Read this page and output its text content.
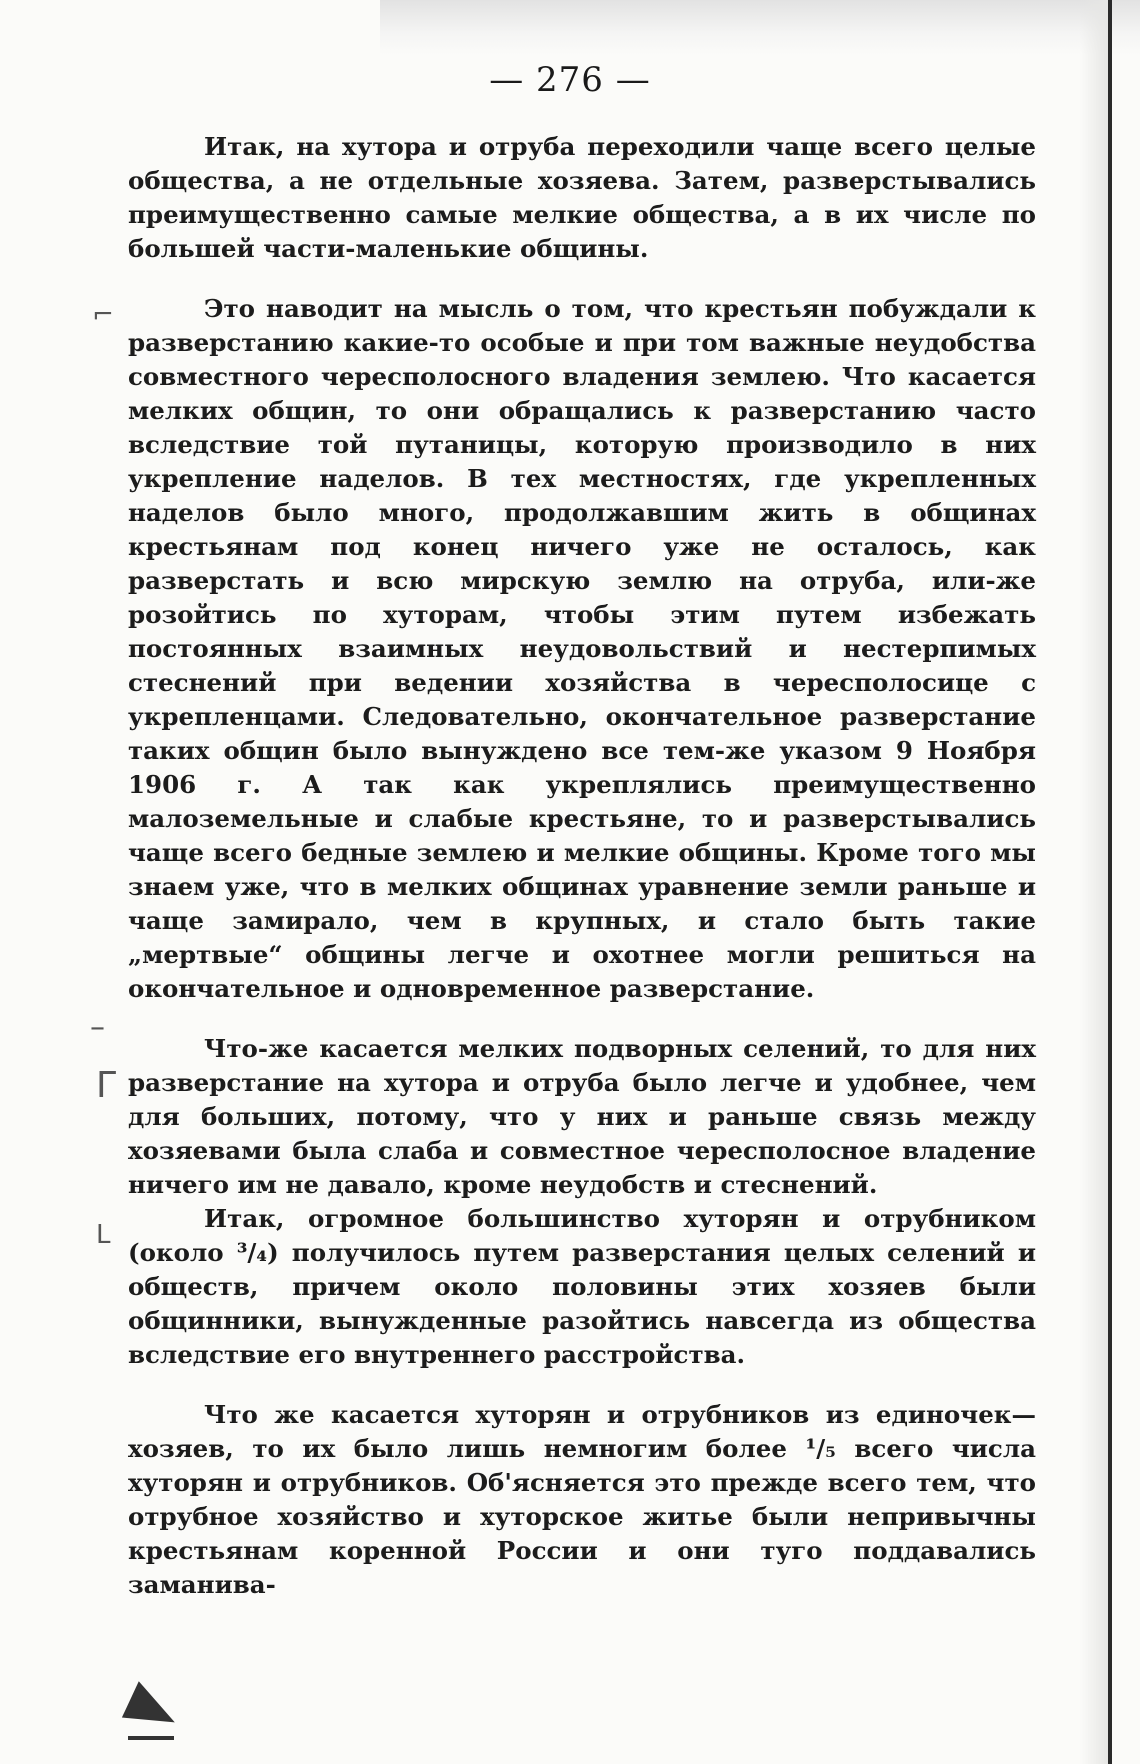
— 276 —
⌐
–
Γ
L

Итак, на хутора и отруба переходили чаще всего целые общества, а не отдельные хозяева. Затем, разверстывались преимущественно самые мелкие общества, а в их числе по большей части-маленькие общины.

Это наводит на мысль о том, что крестьян побуждали к разверстанию какие-то особые и при том важные неудобства совместного чересполосного владения землею. Что касается мелких общин, то они обращались к разверстанию часто вследствие той путаницы, которую производило в них укрепление наделов. В тех местностях, где укрепленных наделов было много, продолжавшим жить в общинах крестьянам под конец ничего уже не осталось, как разверстать и всю мирскую землю на отруба, или-же розойтись по хуторам, чтобы этим путем избежать постоянных взаимных неудовольствий и нестерпимых стеснений при ведении хозяйства в чересполосице с укрепленцами. Следовательно, окончательное разверстание таких общин было вынуждено все тем-же указом 9 Ноября 1906 г. А так как укреплялись преимущественно малоземельные и слабые крестьяне, то и разверстывались чаще всего бедные землею и мелкие общины. Кроме того мы знаем уже, что в мелких общинах уравнение земли раньше и чаще замирало, чем в крупных, и стало быть такие „мертвые“ общины легче и охотнее могли решиться на окончательное и одновременное разверстание.

Что-же касается мелких подворных селений, то для них разверстание на хутора и отруба было легче и удобнее, чем для больших, потому, что у них и раньше связь между хозяевами была слаба и совместное чересполосное владение ничего им не давало, кроме неудобств и стеснений.

Итак, огромное большинство хуторян и отрубником (около ³/₄) получилось путем разверстания целых селений и обществ, причем около половины этих хозяев были общинники, вынужденные разойтись навсегда из общества вследствие его внутреннего расстройства.

Что же касается хуторян и отрубников из единочек—хозяев, то их было лишь немногим более ¹/₅ всего числа хуторян и отрубников. Об'ясняется это прежде всего тем, что отрубное хозяйство и хуторское житье были непривычны крестьянам коренной России и они туго поддавались заманива-
